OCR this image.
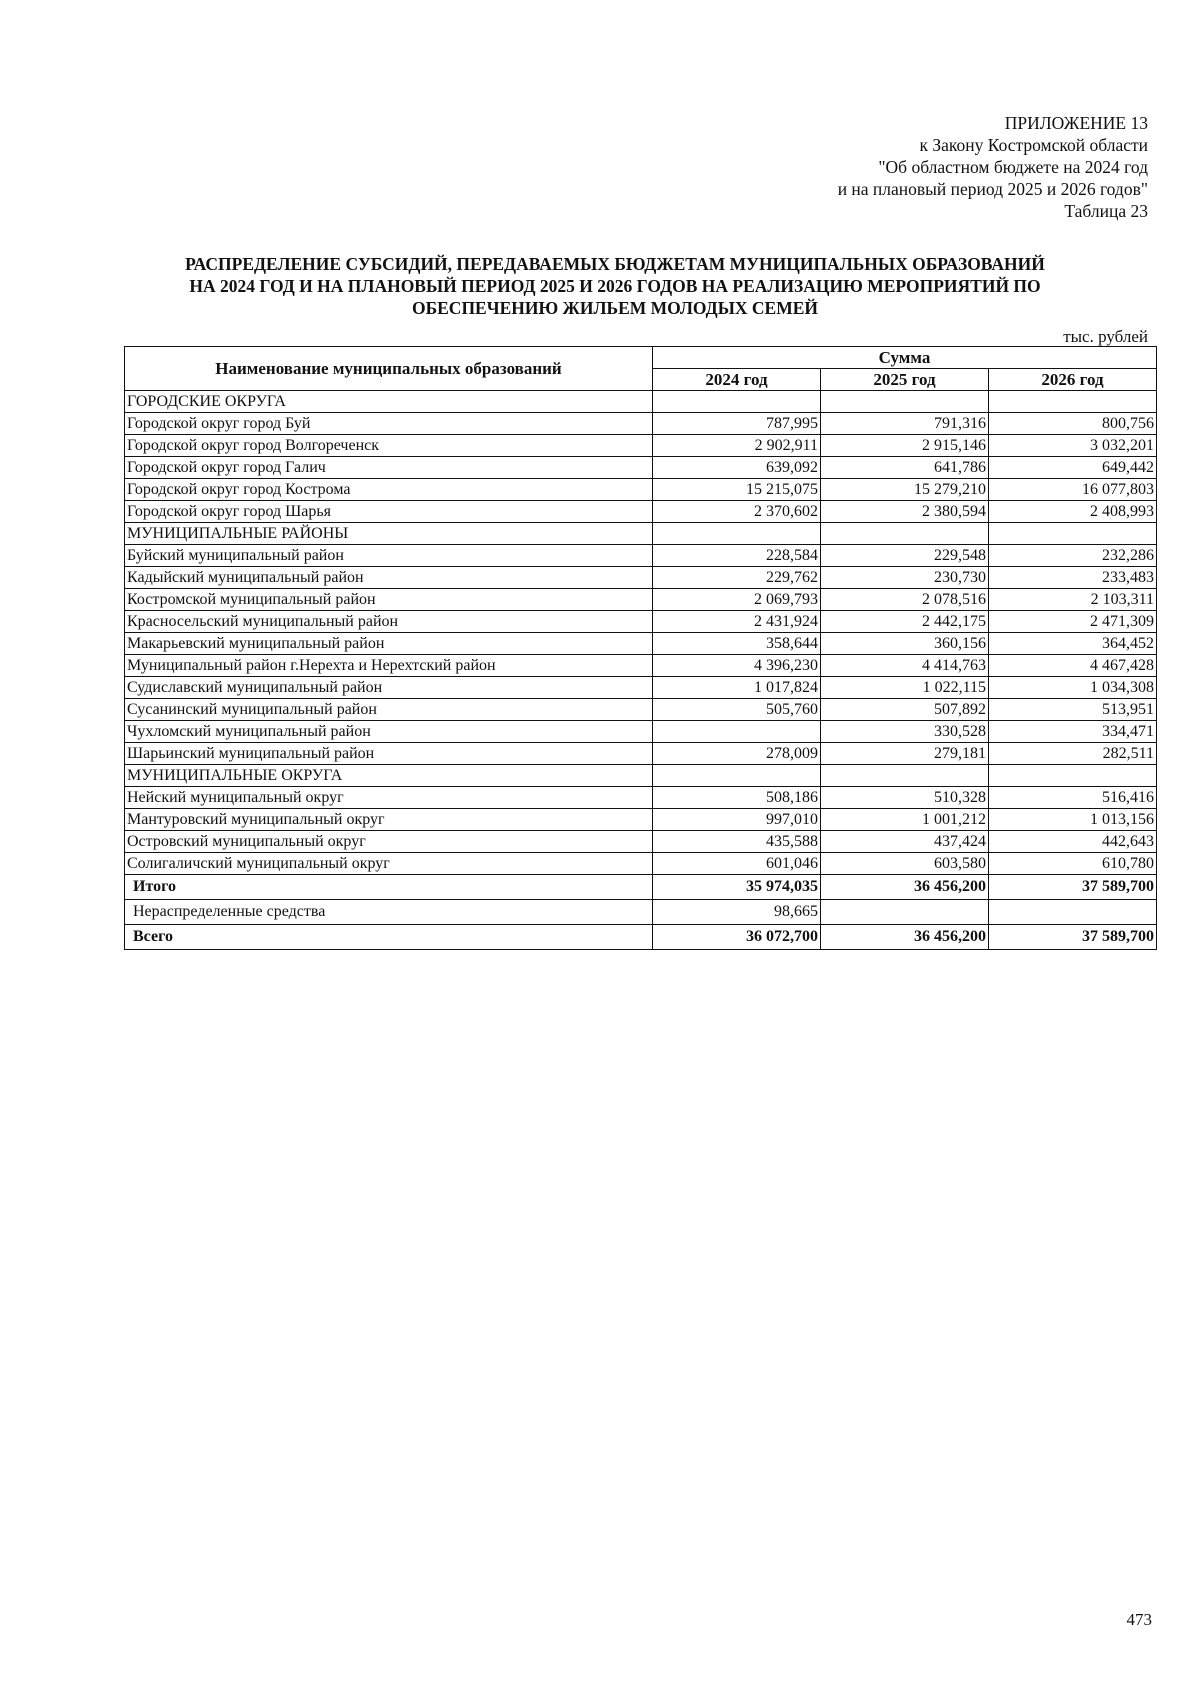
ПРИЛОЖЕНИЕ 13
к Закону Костромской области
"Об областном бюджете на 2024 год
и на плановый период 2025 и 2026 годов"
Таблица 23
РАСПРЕДЕЛЕНИЕ СУБСИДИЙ, ПЕРЕДАВАЕМЫХ БЮДЖЕТАМ МУНИЦИПАЛЬНЫХ ОБРАЗОВАНИЙ
НА 2024 ГОД И НА ПЛАНОВЫЙ ПЕРИОД 2025 И 2026 ГОДОВ НА РЕАЛИЗАЦИЮ МЕРОПРИЯТИЙ ПО
ОБЕСПЕЧЕНИЮ ЖИЛЬЕМ МОЛОДЫХ СЕМЕЙ
тыс. рублей
Наименование муниципальных образований	Сумма		
	2024 год	2025 год	2026 год
ГОРОДСКИЕ ОКРУГА			
Городской округ город Буй	787,995	791,316	800,756
Городской округ город Волгореченск	2 902,911	2 915,146	3 032,201
Городской округ город Галич	639,092	641,786	649,442
Городской округ город Кострома	15 215,075	15 279,210	16 077,803
Городской округ город Шарья	2 370,602	2 380,594	2 408,993
МУНИЦИПАЛЬНЫЕ РАЙОНЫ			
Буйский муниципальный район	228,584	229,548	232,286
Кадыйский муниципальный район	229,762	230,730	233,483
Костромской муниципальный район	2 069,793	2 078,516	2 103,311
Красносельский муниципальный район	2 431,924	2 442,175	2 471,309
Макарьевский муниципальный район	358,644	360,156	364,452
Муниципальный район г.Нерехта и Нерехтский район	4 396,230	4 414,763	4 467,428
Судиславский муниципальный район	1 017,824	1 022,115	1 034,308
Сусанинский муниципальный район	505,760	507,892	513,951
Чухломский муниципальный район		330,528	334,471
Шарьинский муниципальный район	278,009	279,181	282,511
МУНИЦИПАЛЬНЫЕ ОКРУГА			
Нейский муниципальный округ	508,186	510,328	516,416
Мантуровский муниципальный округ	997,010	1 001,212	1 013,156
Островский муниципальный округ	435,588	437,424	442,643
Солигаличский муниципальный округ	601,046	603,580	610,780
Итого	35 974,035	36 456,200	37 589,700
Нераспределенные средства	98,665		
Всего	36 072,700	36 456,200	37 589,700
473
